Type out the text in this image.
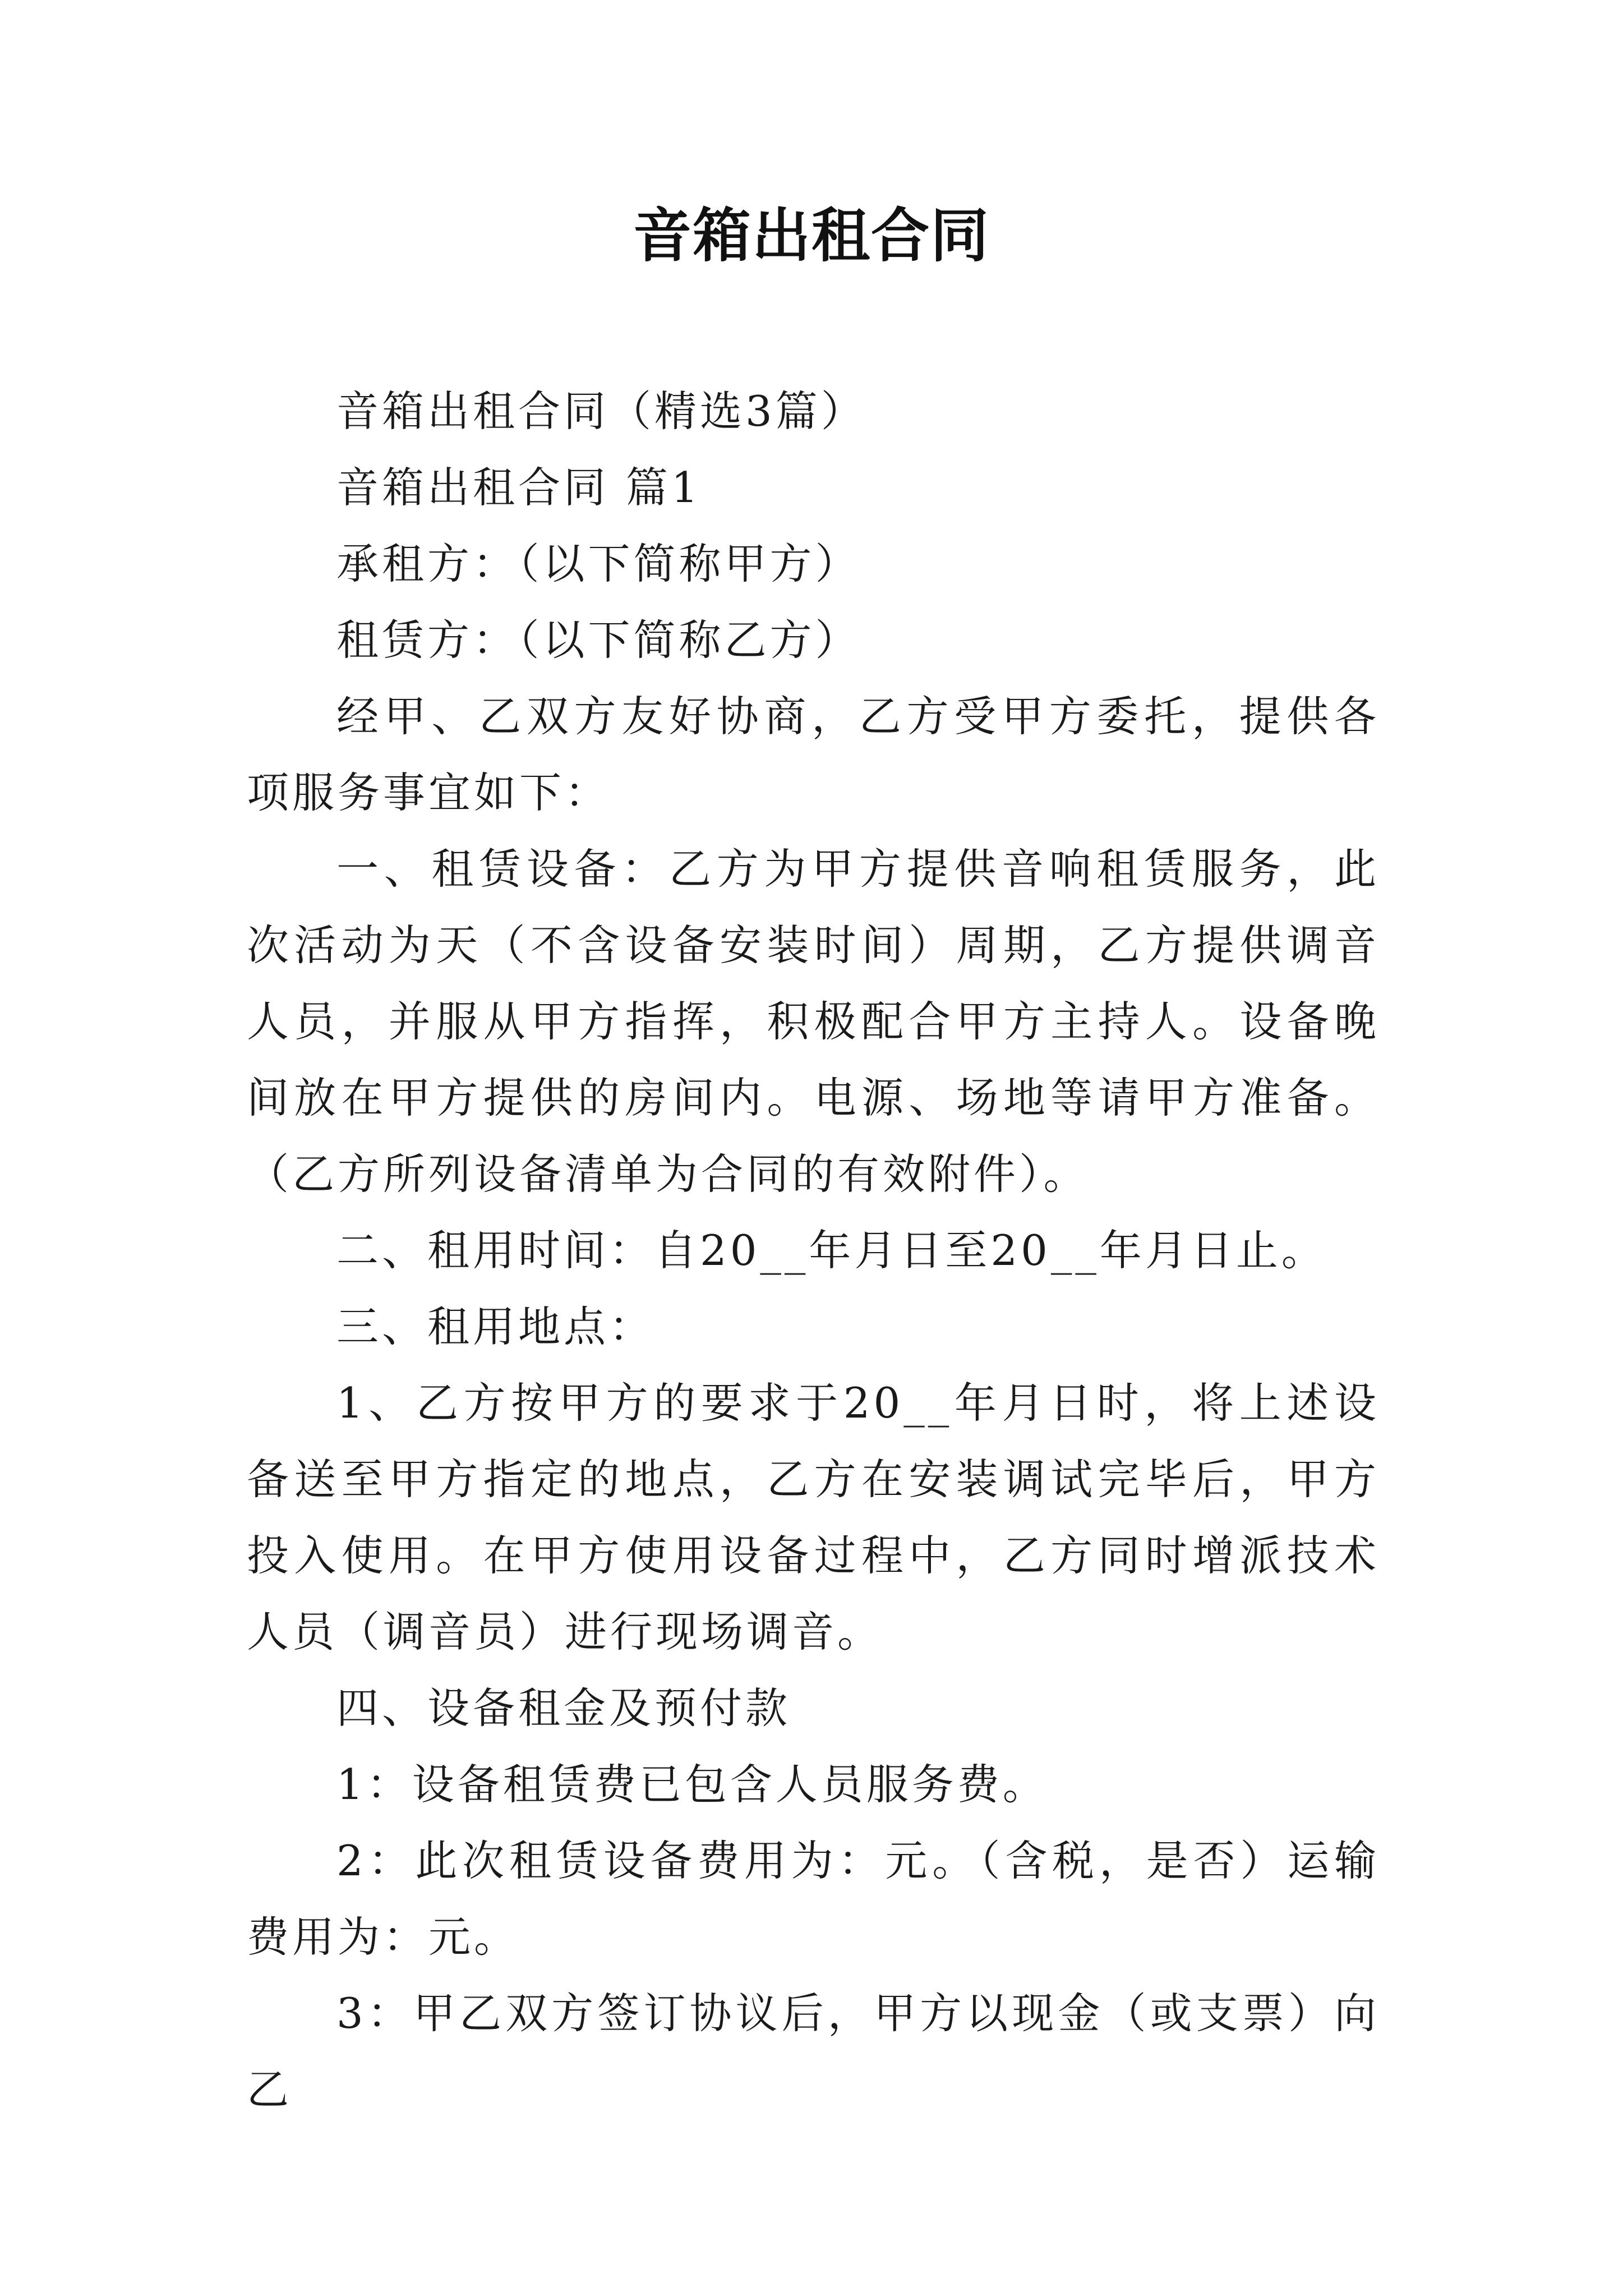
音箱出租合同

音箱出租合同（精选3篇）

音箱出租合同 篇1

承租方：（以下简称甲方）

租赁方：（以下简称乙方）

经甲、乙双方友好协商，乙方受甲方委托，提供各项服务事宜如下：

一、租赁设备：乙方为甲方提供音响租赁服务，此次活动为天（不含设备安装时间）周期，乙方提供调音人员，并服从甲方指挥，积极配合甲方主持人。设备晚间放在甲方提供的房间内。电源、场地等请甲方准备。（乙方所列设备清单为合同的有效附件）。

二、租用时间：自20__年月日至20__年月日止。

三、租用地点：

1、乙方按甲方的要求于20__年月日时，将上述设备送至甲方指定的地点，乙方在安装调试完毕后，甲方投入使用。在甲方使用设备过程中，乙方同时增派技术人员（调音员）进行现场调音。

四、设备租金及预付款

1：设备租赁费已包含人员服务费。

2：此次租赁设备费用为：元。（含税，是否）运输费用为：元。

3：甲乙双方签订协议后，甲方以现金（或支票）向乙
